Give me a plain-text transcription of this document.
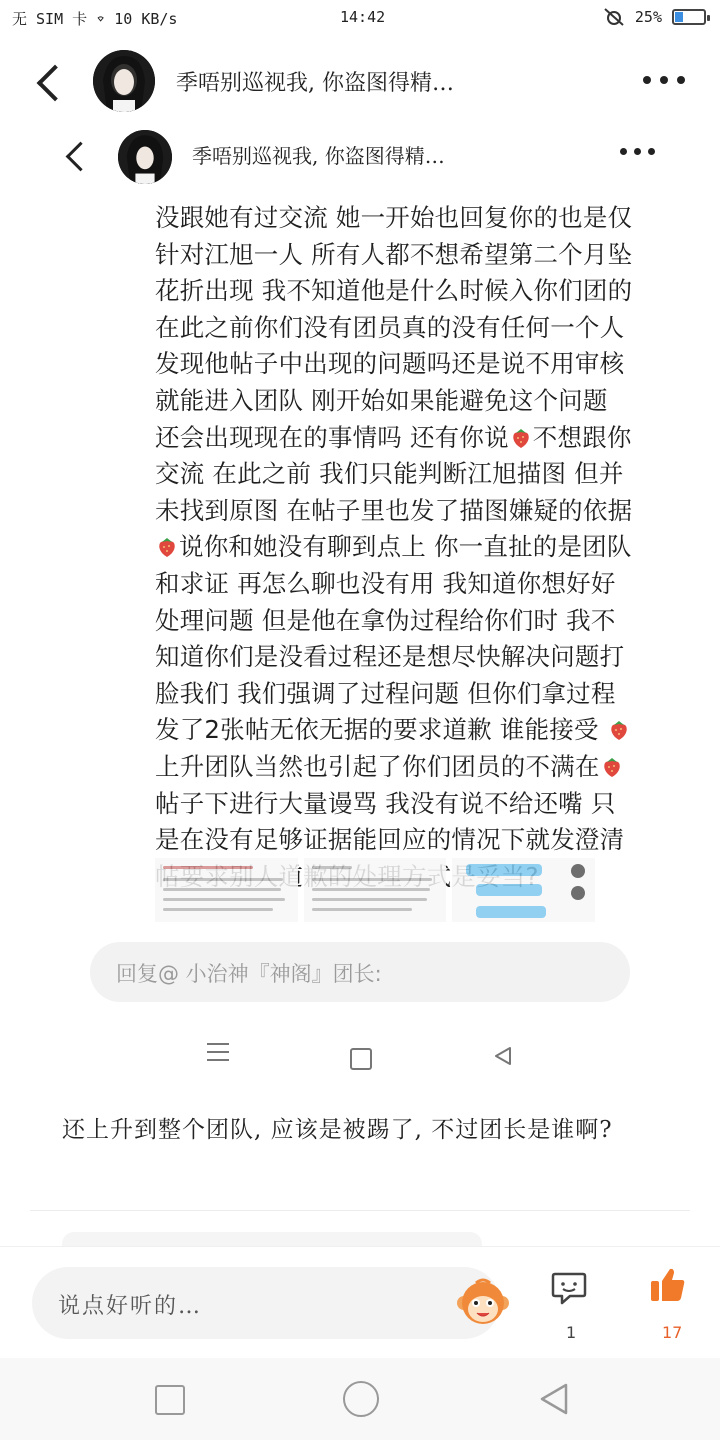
无 SIM 卡 ⌔ 10 KB/s	14:42	25%
季唔别巡视我, 你盗图得精…
季唔别巡视我, 你盗图得精…
没跟她有过交流 她一开始也回复你的也是仅针对江旭一人 所有人都不想希望第二个月坠花折出现 我不知道他是什么时候入你们团的 在此之前你们没有团员真的没有任何一个人发现他帖子中出现的问题吗还是说不用审核就能进入团队 刚开始如果能避免这个问题 还会出现现在的事情吗 还有你说 不想跟你交流 在此之前 我们只能判断江旭描图 但并未找到原图 在帖子里也发了描图嫌疑的依据 说你和她没有聊到点上 你一直扯的是团队和求证 再怎么聊也没有用 我知道你想好好处理问题 但是他在拿伪过程给你们时 我不知道你们是没看过程还是想尽快解决问题打脸我们 我们强调了过程问题 但你们拿过程发了2张帖无依无据的要求道歉 谁能接受 上升团队当然也引起了你们团员的不满在帖子下进行大量谩骂 我没有说不给还嘴 只是在没有足够证据能回应的情况下就发澄清
回复@ 小治神『神阁』团长:
还上升到整个团队, 应该是被踢了, 不过团长是谁啊?
说点好听的…
1	17
